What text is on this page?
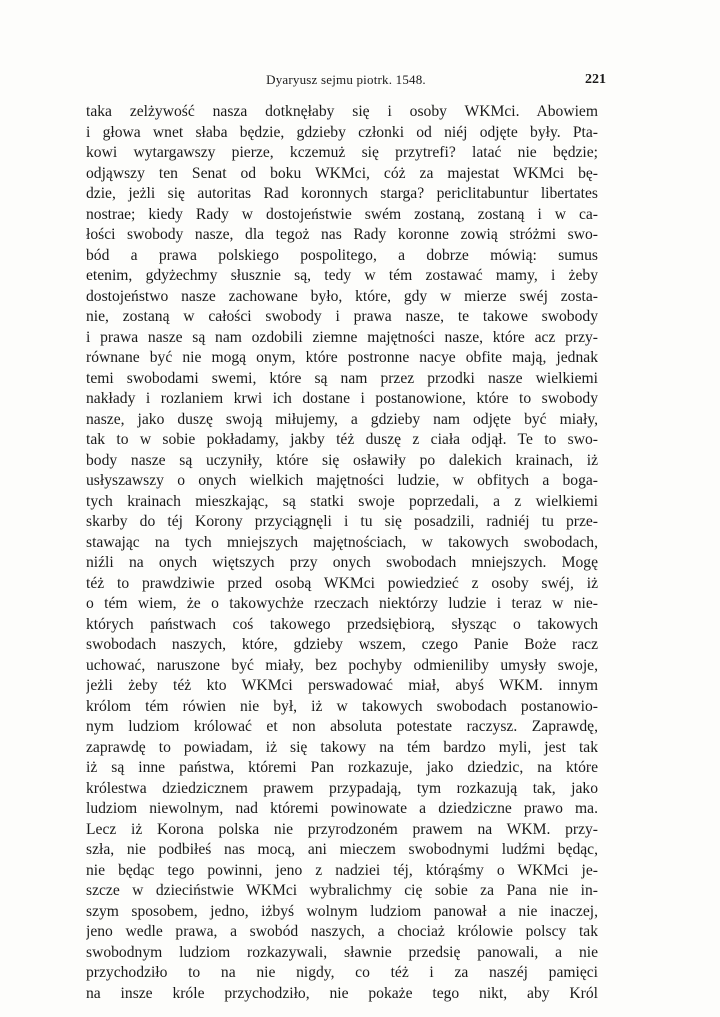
Dyaryusz sejmu piotrk. 1548.	221
taka zelżywość nasza dotknęłaby się i osoby WKMci. Abowiem
i głowa wnet słaba będzie, gdzieby członki od niéj odjęte były. Pta-
kowi wytargawszy pierze, kczemuż się przytrefi? latać nie będzie;
odjąwszy ten Senat od boku WKMci, cóż za majestat WKMci bę-
dzie, jeżli się autoritas Rad koronnych starga? periclitabuntur libertates
nostrae; kiedy Rady w dostojeństwie swém zostaną, zostaną i w ca-
łości swobody nasze, dla tegoż nas Rady koronne zowią stróżmi swo-
bód a prawa polskiego pospolitego, a dobrze mówią: sumus
etenim, gdyżechmy słusznie są, tedy w tém zostawać mamy, i żeby
dostojeństwo nasze zachowane było, które, gdy w mierze swéj zosta-
nie, zostaną w całości swobody i prawa nasze, te takowe swobody
i prawa nasze są nam ozdobili ziemne majętności nasze, które acz przy-
równane być nie mogą onym, które postronne nacye obfite mają, jednak
temi swobodami swemi, które są nam przez przodki nasze wielkiemi
nakłady i rozlaniem krwi ich dostane i postanowione, które to swobody
nasze, jako duszę swoją miłujemy, a gdzieby nam odjęte być miały,
tak to w sobie pokładamy, jakby téż duszę z ciała odjął. Te to swo-
body nasze są uczyniły, które się osławiły po dalekich krainach, iż
usłyszawszy o onych wielkich majętności ludzie, w obfitych a boga-
tych krainach mieszkając, są statki swoje poprzedali, a z wielkiemi
skarby do téj Korony przyciągnęli i tu się posadzili, radniéj tu prze-
stawając na tych mniejszych majętnościach, w takowych swobodach,
niźli na onych więtszych przy onych swobodach mniejszych. Mogę
téż to prawdziwie przed osobą WKMci powiedzieć z osoby swéj, iż
o tém wiem, że o takowychże rzeczach niektórzy ludzie i teraz w nie-
których państwach coś takowego przedsiębiorą, słysząc o takowych
swobodach naszych, które, gdzieby wszem, czego Panie Boże racz
uchować, naruszone być miały, bez pochyby odmieniliby umysły swoje,
jeżli żeby téż kto WKMci perswadować miał, abyś WKM. innym
królom tém rówien nie był, iż w takowych swobodach postanowio-
nym ludziom królować et non absoluta potestate raczysz. Zaprawdę,
zaprawdę to powiadam, iż się takowy na tém bardzo myli, jest tak
iż są inne państwa, któremi Pan rozkazuje, jako dziedzic, na które
królestwa dziedzicznem prawem przypadają, tym rozkazują tak, jako
ludziom niewolnym, nad któremi powinowate a dziedziczne prawo ma.
Lecz iż Korona polska nie przyrodzoném prawem na WKM. przy-
szła, nie podbiłeś nas mocą, ani mieczem swobodnymi ludźmi będąc,
nie będąc tego powinni, jeno z nadziei téj, którąśmy o WKMci je-
szcze w dzieciństwie WKMci wybralichmy cię sobie za Pana nie in-
szym sposobem, jedno, iżbyś wolnym ludziom panował a nie inaczej,
jeno wedle prawa, a swobód naszych, a chociaż królowie polscy tak
swobodnym ludziom rozkazywali, sławnie przedsię panowali, a nie
przychodziło to na nie nigdy, co téż i za naszéj pamięci
na insze króle przychodziło, nie pokaże tego nikt, aby Król
